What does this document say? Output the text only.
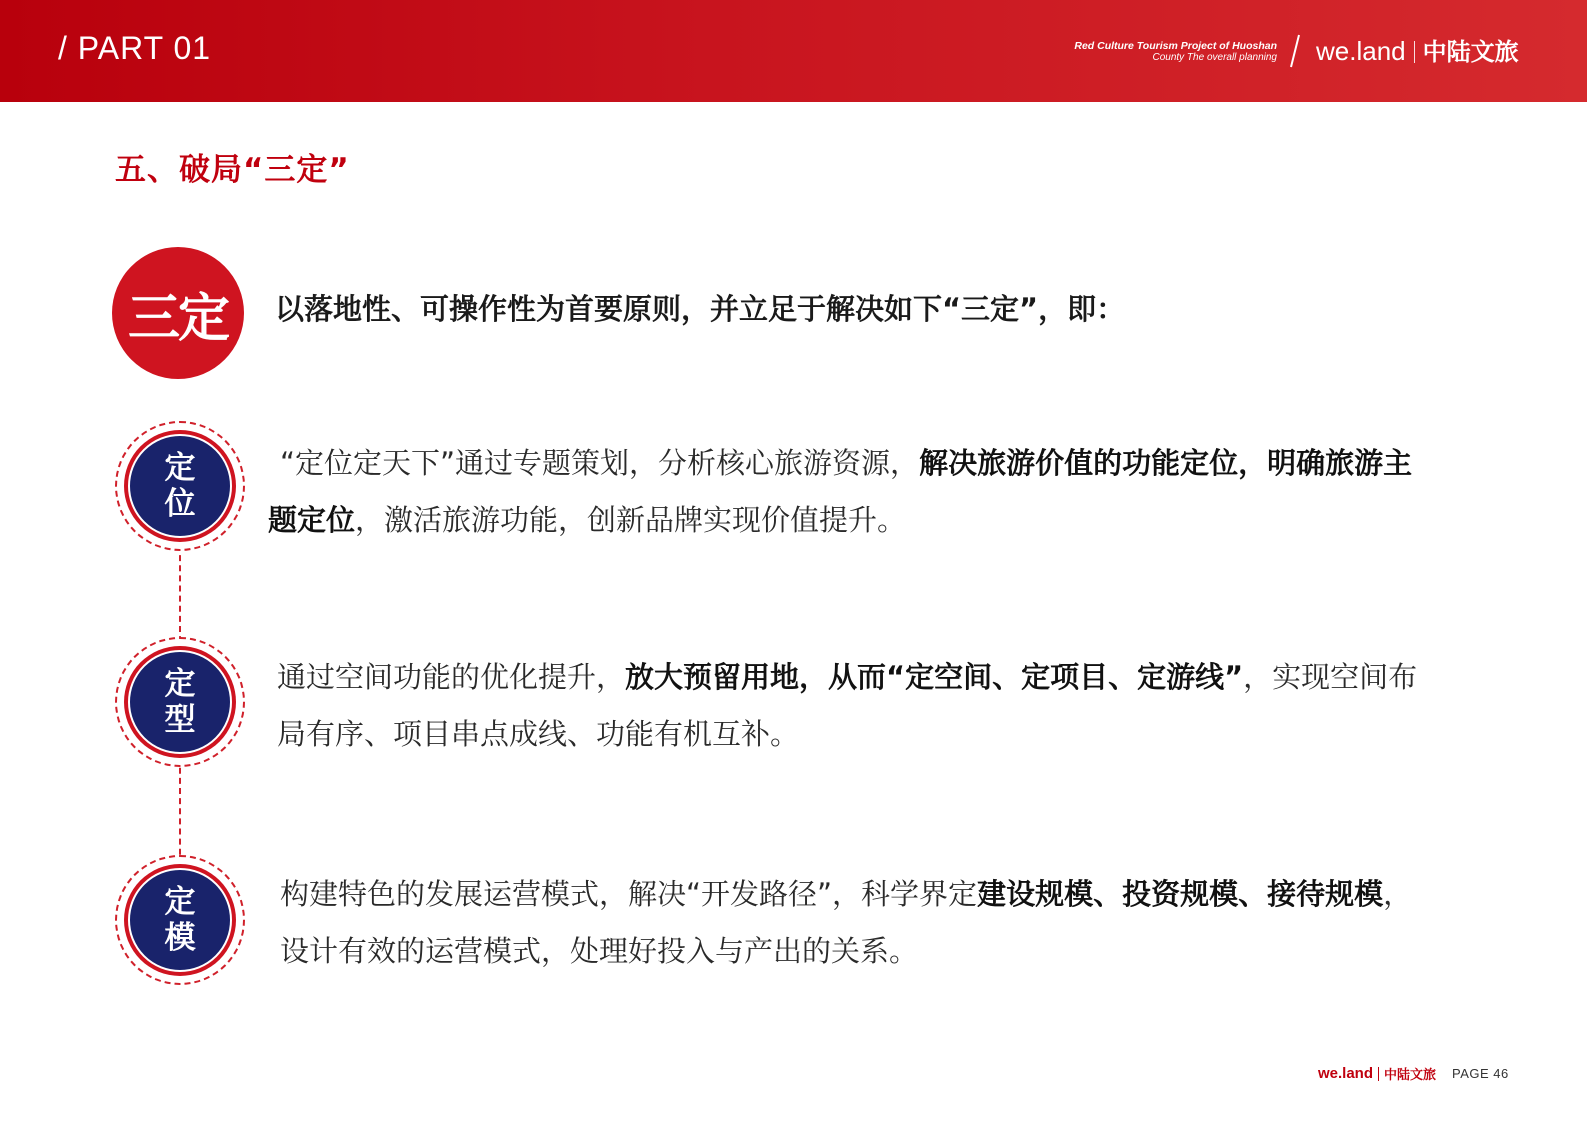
/ PART 01	Red Culture Tourism Project of Huoshan
County The overall planning we.land 中陆文旅
五、破局“三定”
三定 以落地性、可操作性为首要原则，并立足于解决如下“三定”，即：
定
位
“定位定天下”通过专题策划，分析核心旅游资源，解决旅游价值的功能定位，明确旅游主题定位，激活旅游功能，创新品牌实现价值提升。
定
型
通过空间功能的优化提升，放大预留用地，从而“定空间、定项目、定游线”，实现空间布局有序、项目串点成线、功能有机互补。
定
模
构建特色的发展运营模式，解决“开发路径”，科学界定建设规模、投资规模、接待规模，设计有效的运营模式，处理好投入与产出的关系。
we.land 中陆文旅 PAGE 46
